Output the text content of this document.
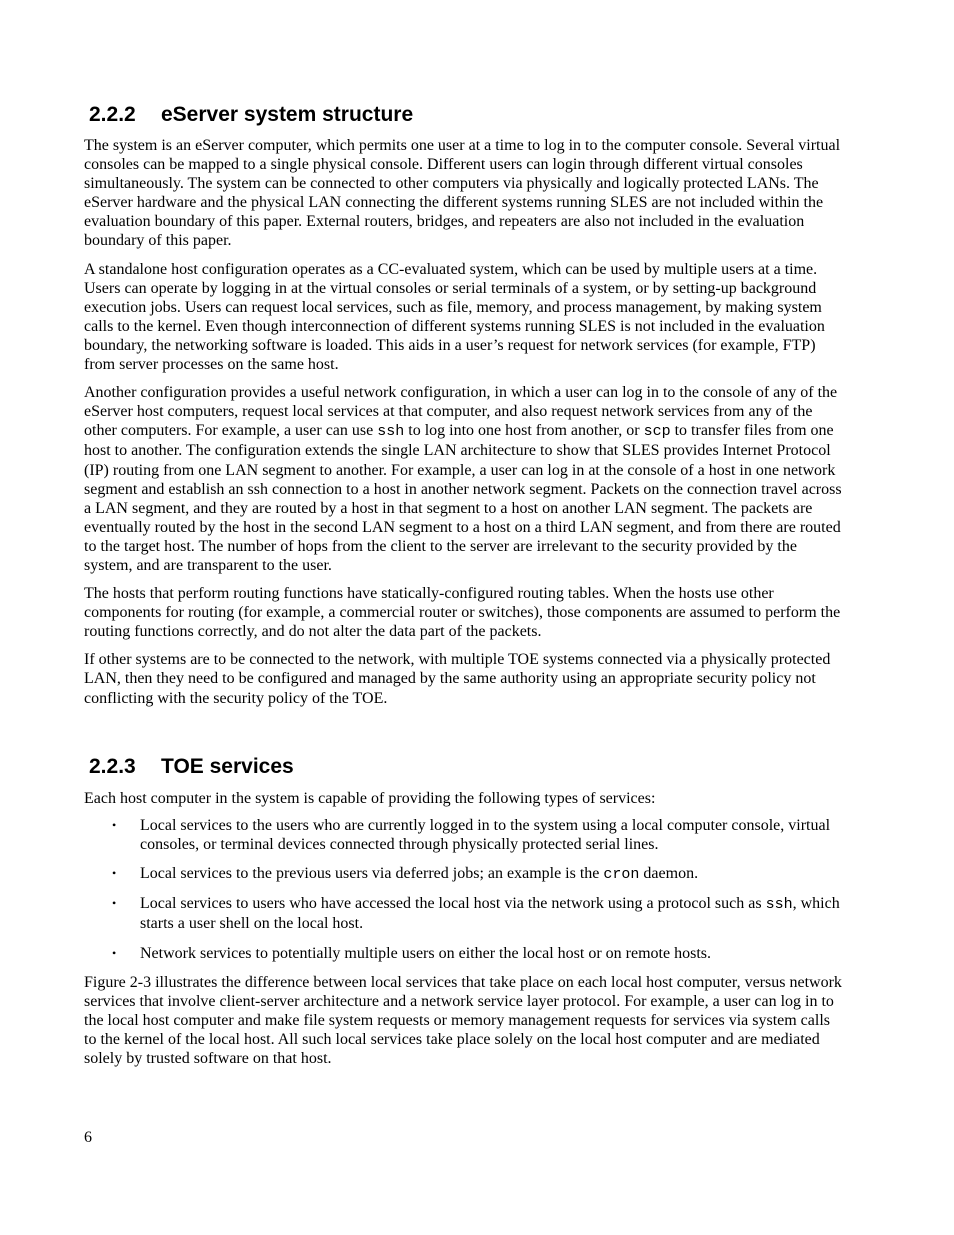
2.2.2 eServer system structure

The system is an eServer computer, which permits one user at a time to log in to the computer console. Several virtual consoles can be mapped to a single physical console. Different users can login through different virtual consoles simultaneously. The system can be connected to other computers via physically and logically protected LANs. The eServer hardware and the physical LAN connecting the different systems running SLES are not included within the evaluation boundary of this paper. External routers, bridges, and repeaters are also not included in the evaluation boundary of this paper.

A standalone host configuration operates as a CC-evaluated system, which can be used by multiple users at a time. Users can operate by logging in at the virtual consoles or serial terminals of a system, or by setting-up background execution jobs. Users can request local services, such as file, memory, and process management, by making system calls to the kernel. Even though interconnection of different systems running SLES is not included in the evaluation boundary, the networking software is loaded. This aids in a user’s request for network services (for example, FTP) from server processes on the same host.

Another configuration provides a useful network configuration, in which a user can log in to the console of any of the eServer host computers, request local services at that computer, and also request network services from any of the other computers. For example, a user can use ssh to log into one host from another, or scp to transfer files from one host to another. The configuration extends the single LAN architecture to show that SLES provides Internet Protocol (IP) routing from one LAN segment to another. For example, a user can log in at the console of a host in one network segment and establish an ssh connection to a host in another network segment. Packets on the connection travel across a LAN segment, and they are routed by a host in that segment to a host on another LAN segment. The packets are eventually routed by the host in the second LAN segment to a host on a third LAN segment, and from there are routed to the target host. The number of hops from the client to the server are irrelevant to the security provided by the system, and are transparent to the user.

The hosts that perform routing functions have statically-configured routing tables. When the hosts use other components for routing (for example, a commercial router or switches), those components are assumed to perform the routing functions correctly, and do not alter the data part of the packets.

If other systems are to be connected to the network, with multiple TOE systems connected via a physically protected LAN, then they need to be configured and managed by the same authority using an appropriate security policy not conflicting with the security policy of the TOE.

2.2.3 TOE services

Each host computer in the system is capable of providing the following types of services:

• Local services to the users who are currently logged in to the system using a local computer console, virtual consoles, or terminal devices connected through physically protected serial lines.

• Local services to the previous users via deferred jobs; an example is the cron daemon.

• Local services to users who have accessed the local host via the network using a protocol such as ssh, which starts a user shell on the local host.

• Network services to potentially multiple users on either the local host or on remote hosts.

Figure 2-3 illustrates the difference between local services that take place on each local host computer, versus network services that involve client-server architecture and a network service layer protocol. For example, a user can log in to the local host computer and make file system requests or memory management requests for services via system calls to the kernel of the local host. All such local services take place solely on the local host computer and are mediated solely by trusted software on that host.

6
